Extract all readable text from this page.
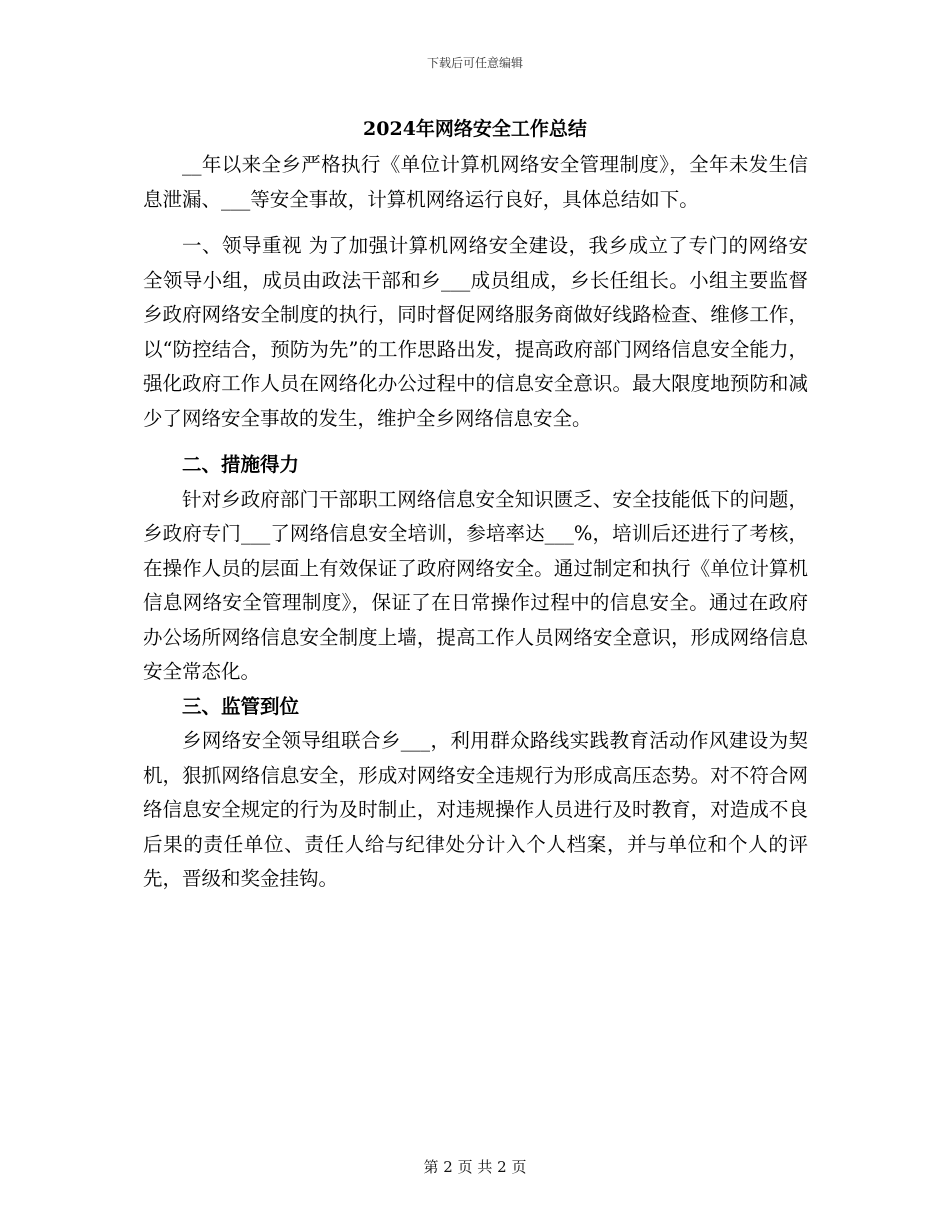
下载后可任意编辑
2024年网络安全工作总结

__年以来全乡严格执行《单位计算机网络安全管理制度》，全年未发生信息泄漏、___等安全事故，计算机网络运行良好，具体总结如下。

一、领导重视 为了加强计算机网络安全建设，我乡成立了专门的网络安全领导小组，成员由政法干部和乡___成员组成，乡长任组长。小组主要监督乡政府网络安全制度的执行，同时督促网络服务商做好线路检查、维修工作，以“防控结合，预防为先”的工作思路出发，提高政府部门网络信息安全能力，强化政府工作人员在网络化办公过程中的信息安全意识。最大限度地预防和减少了网络安全事故的发生，维护全乡网络信息安全。

二、措施得力

针对乡政府部门干部职工网络信息安全知识匮乏、安全技能低下的问题，乡政府专门___了网络信息安全培训，参培率达___%，培训后还进行了考核，在操作人员的层面上有效保证了政府网络安全。通过制定和执行《单位计算机信息网络安全管理制度》，保证了在日常操作过程中的信息安全。通过在政府办公场所网络信息安全制度上墙，提高工作人员网络安全意识，形成网络信息安全常态化。

三、监管到位

乡网络安全领导组联合乡___，利用群众路线实践教育活动作风建设为契机，狠抓网络信息安全，形成对网络安全违规行为形成高压态势。对不符合网络信息安全规定的行为及时制止，对违规操作人员进行及时教育，对造成不良后果的责任单位、责任人给与纪律处分计入个人档案，并与单位和个人的评先，晋级和奖金挂钩。

第 2 页 共 2 页
